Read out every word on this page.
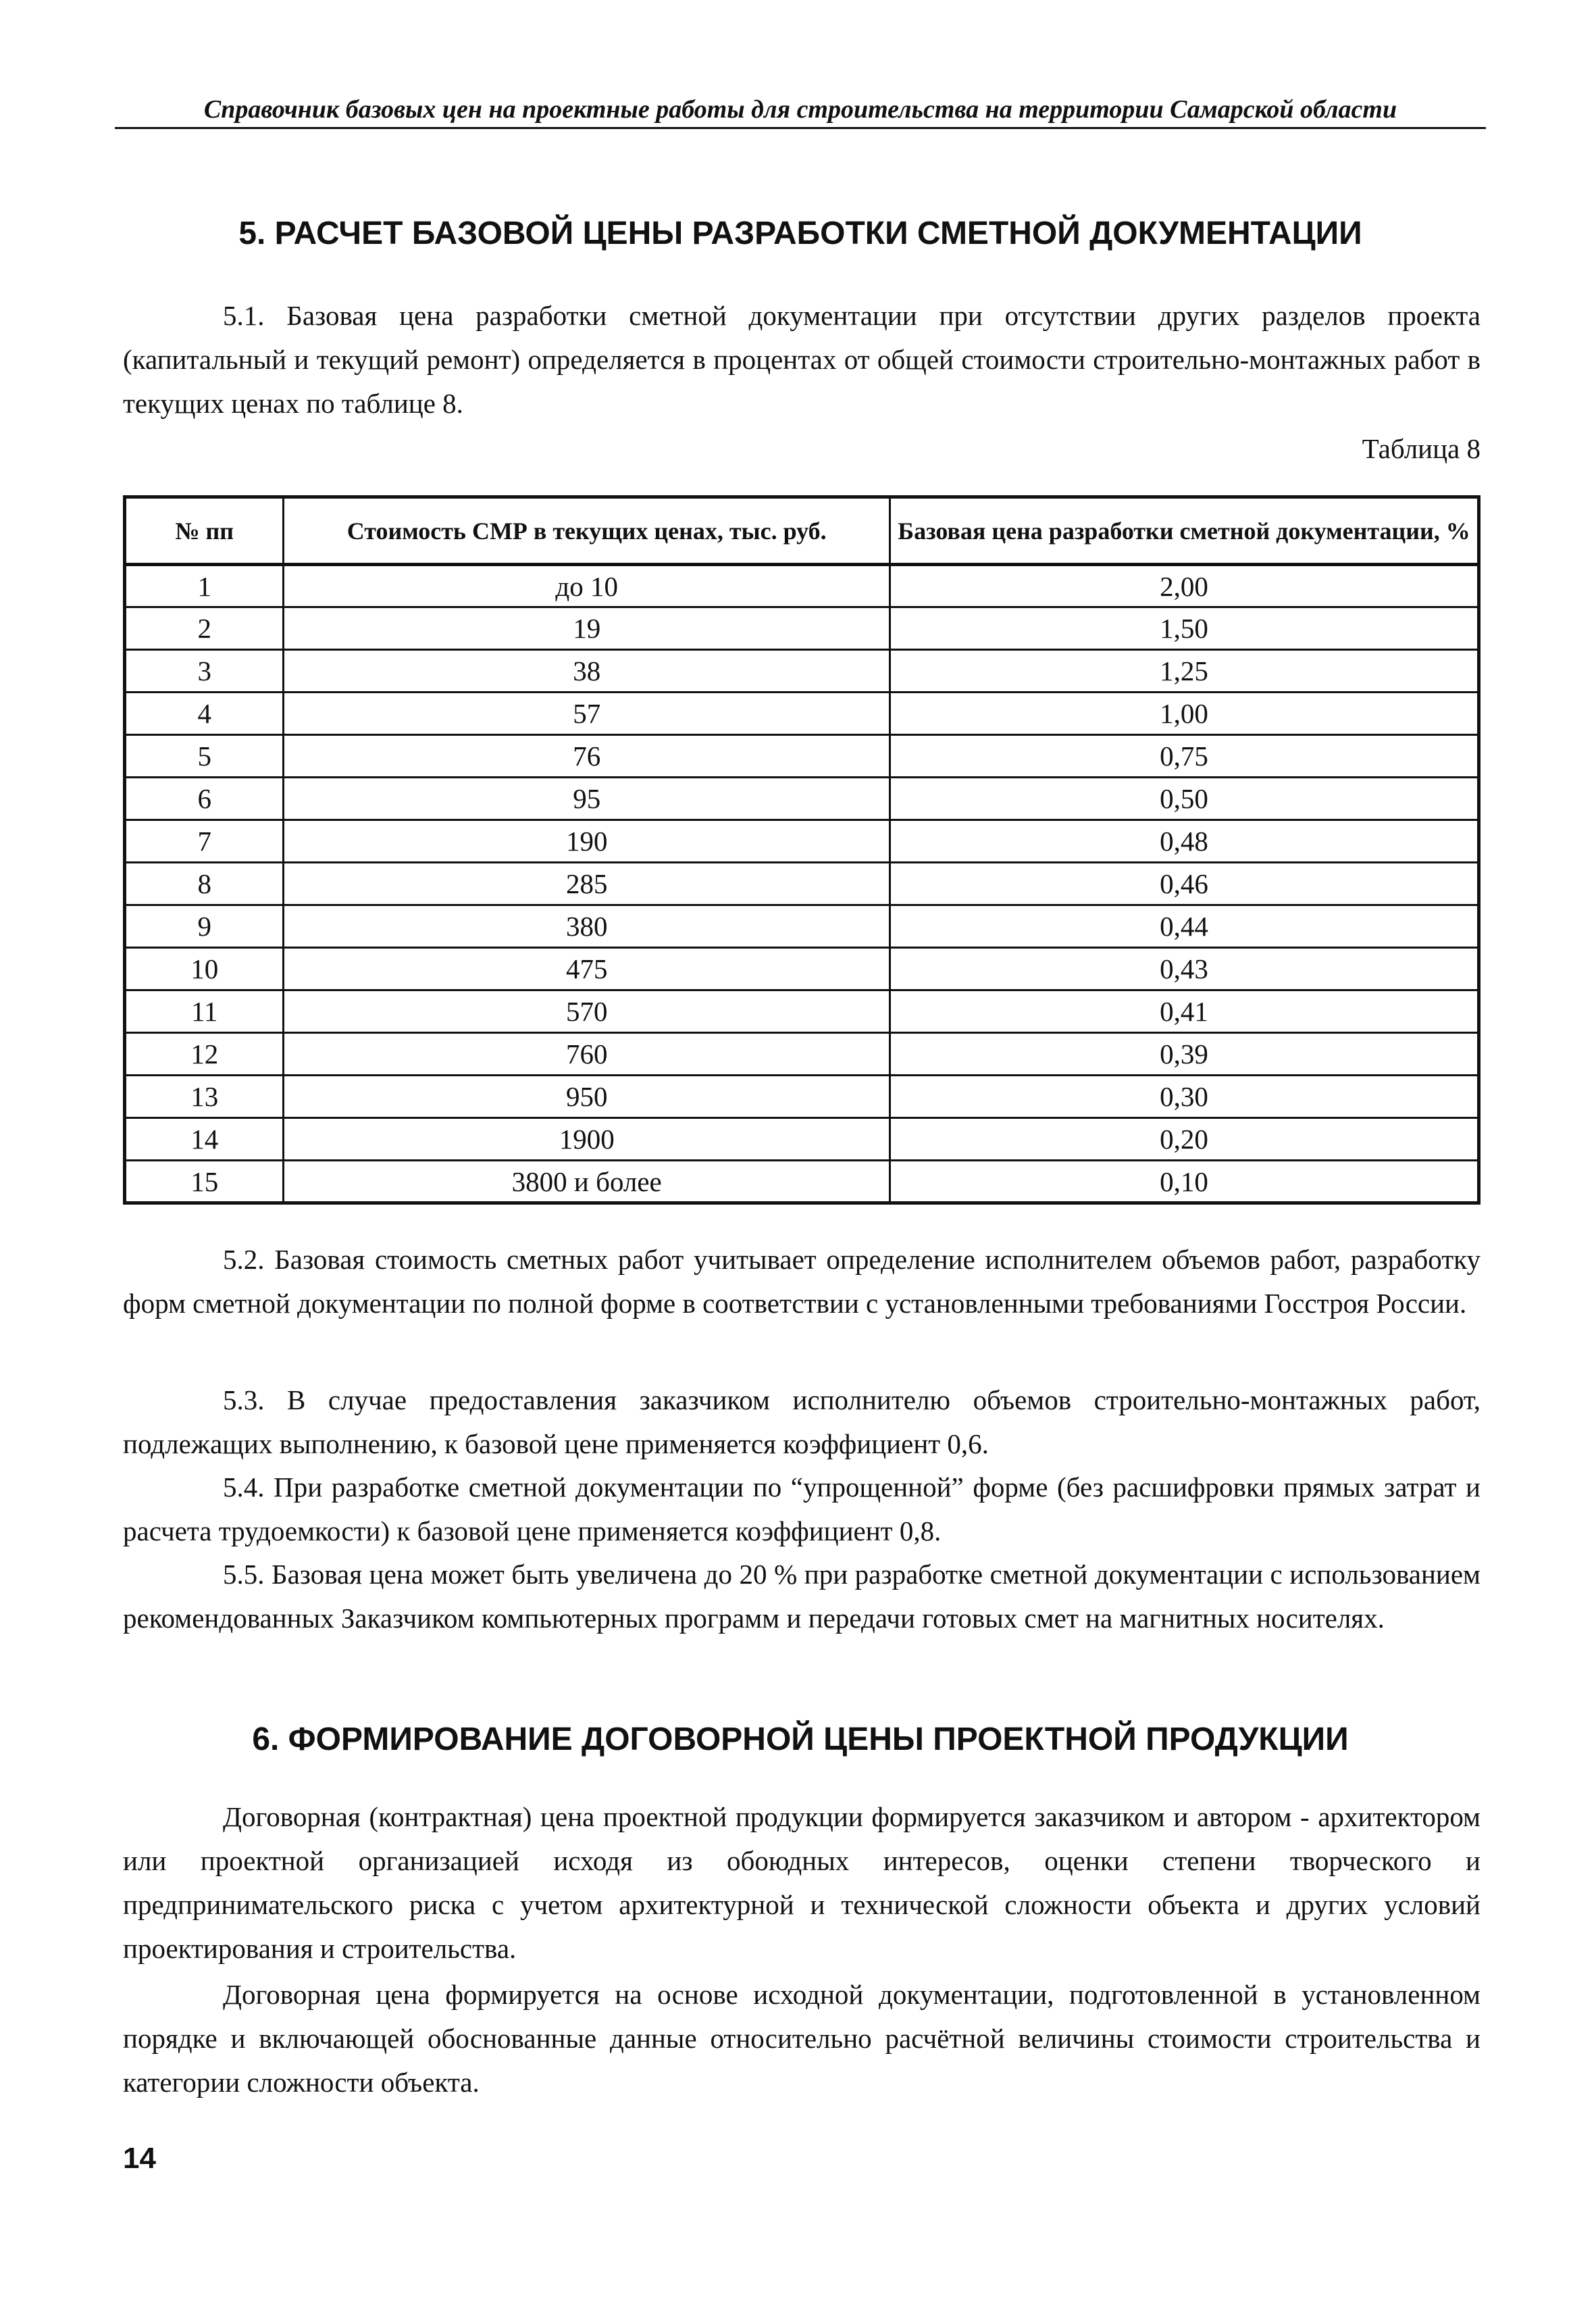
Справочник базовых цен на проектные работы для строительства на территории Самарской области
5. РАСЧЕТ БАЗОВОЙ ЦЕНЫ РАЗРАБОТКИ СМЕТНОЙ ДОКУМЕНТАЦИИ

5.1. Базовая цена разработки сметной документации при отсутствии других разделов проекта (капитальный и текущий ремонт) определяется в процентах от общей стоимости строительно-монтажных работ в текущих ценах по таблице 8.

Таблица 8
№ пп	Стоимость СМР в текущих ценах, тыс. руб.	Базовая цена разработки сметной документации, %
1	до 10	2,00
2	19	1,50
3	38	1,25
4	57	1,00
5	76	0,75
6	95	0,50
7	190	0,48
8	285	0,46
9	380	0,44
10	475	0,43
11	570	0,41
12	760	0,39
13	950	0,30
14	1900	0,20
15	3800 и более	0,10

5.2. Базовая стоимость сметных работ учитывает определение исполнителем объемов работ, разработку форм сметной документации по полной форме в соответствии с установленными требованиями Госстроя России.

5.3. В случае предоставления заказчиком исполнителю объемов строительно-монтажных работ, подлежащих выполнению, к базовой цене применяется коэффициент 0,6.

5.4. При разработке сметной документации по “упрощенной” форме (без расшифровки прямых затрат и расчета трудоемкости) к базовой цене применяется коэффициент 0,8.

5.5. Базовая цена может быть увеличена до 20 % при разработке сметной документации с использованием рекомендованных Заказчиком компьютерных программ и передачи готовых смет на магнитных носителях.

6. ФОРМИРОВАНИЕ ДОГОВОРНОЙ ЦЕНЫ ПРОЕКТНОЙ ПРОДУКЦИИ

Договорная (контрактная) цена проектной продукции формируется заказчиком и автором - архитектором или проектной организацией исходя из обоюдных интересов, оценки степени творческого и предпринимательского риска с учетом архитектурной и технической сложности объекта и других условий проектирования и строительства.

Договорная цена формируется на основе исходной документации, подготовленной в установленном порядке и включающей обоснованные данные относительно расчётной величины стоимости строительства и категории сложности объекта.

14
